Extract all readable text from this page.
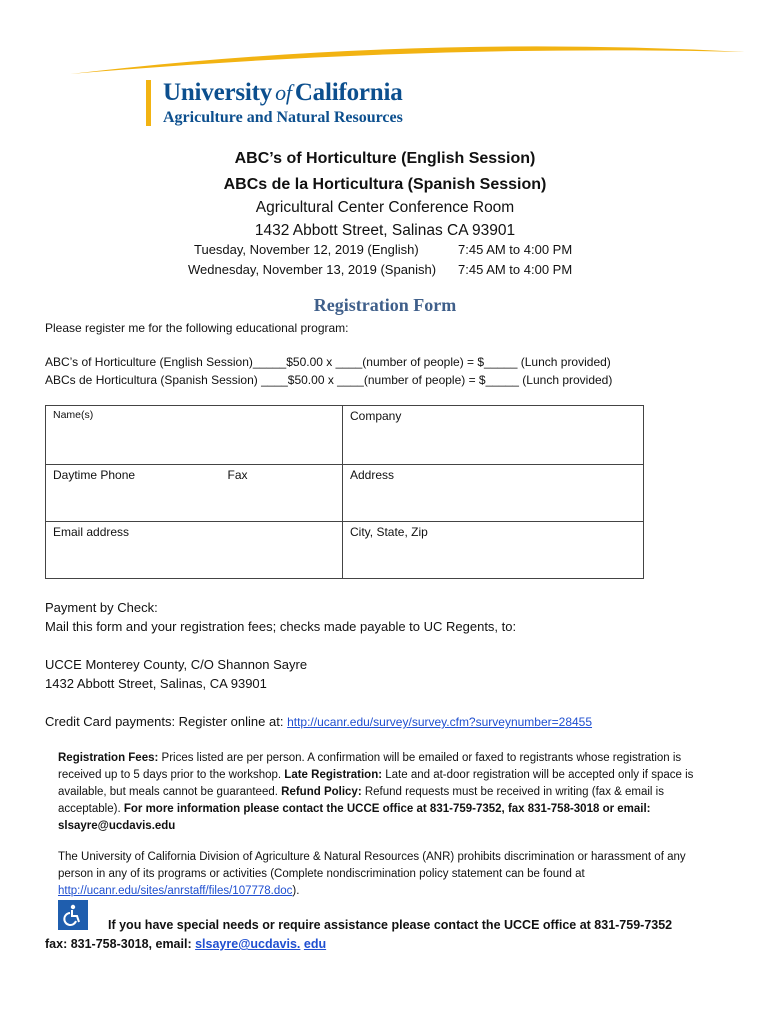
University of California
Agriculture and Natural Resources
ABC’s of Horticulture (English Session)
ABCs de la Horticultura (Spanish Session)
Agricultural Center Conference Room
1432 Abbott Street, Salinas CA 93901
Tuesday, November 12, 2019 (English)	7:45 AM to 4:00 PM
Wednesday, November 13, 2019 (Spanish) 7:45 AM to 4:00 PM
Registration Form
Please register me for the following educational program:
ABC’s of Horticulture (English Session)_____$50.00 x ____(number of people) = $_____ (Lunch provided)
ABCs de Horticultura (Spanish Session) ____$50.00 x ____(number of people) = $_____ (Lunch provided)
Name(s)	Company
Daytime Phone Fax	Address
Email address	City, State, Zip
Payment by Check:
Mail this form and your registration fees; checks made payable to UC Regents, to:
UCCE Monterey County, C/O Shannon Sayre
1432 Abbott Street, Salinas, CA 93901
Credit Card payments: Register online at: http://ucanr.edu/survey/survey.cfm?surveynumber=28455
Registration Fees: Prices listed are per person. A confirmation will be emailed or faxed to registrants whose registration is received up to 5 days prior to the workshop. Late Registration: Late and at-door registration will be accepted only if space is available, but meals cannot be guaranteed. Refund Policy: Refund requests must be received in writing (fax & email is acceptable). For more information please contact the UCCE office at 831-759-7352, fax 831-758-3018 or email: slsayre@ucdavis.edu
The University of California Division of Agriculture & Natural Resources (ANR) prohibits discrimination or harassment of any person in any of its programs or activities (Complete nondiscrimination policy statement can be found at http://ucanr.edu/sites/anrstaff/files/107778.doc).
If you have special needs or require assistance please contact the UCCE office at 831-759-7352
fax: 831-758-3018, email: slsayre@ucdavis. edu
